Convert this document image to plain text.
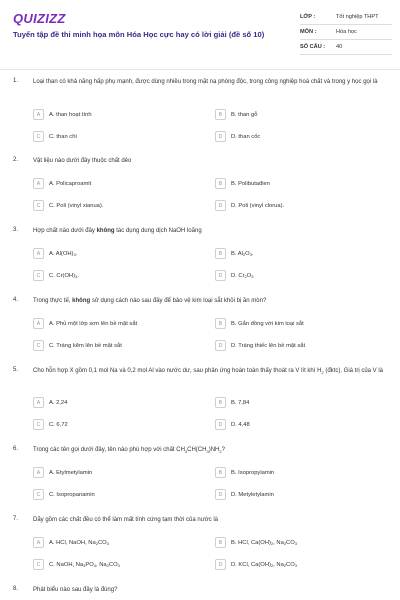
QUIZIZZ
Tuyển tập đề thi minh họa môn Hóa Học cực hay có lời giải (đề số 10)
LỚP :	Tốt nghiệp THPT
MÔN :	Hóa học
SỐ CÂU :	40
1. Loại than có khả năng hấp phụ mạnh, được dùng nhiều trong mặt nạ phòng độc, trong công nghiệp hoá chất và trong y học gọi là
A	A. than hoạt tính	B	B. than gỗ
C	C. than chì	D	D. than cốc
2. Vật liệu nào dưới đây thuộc chất dẻo
A	A. Policaproamit	B	B. Polibutađien
C	C. Poli (vinyl xianua).	D	D. Poli (vinyl clorua).
3. Hợp chất nào dưới đây không tác dụng dung dịch NaOH loãng
A	A. $Al(OH)_3$.	B	B. $Al_2O_3$.
C	C. $Cr(OH)_3$.	D	D. $Cr_2O_3$
4. Trong thực tế, không sử dụng cách nào sau đây để bảo vệ kim loại sắt khỏi bị ăn mòn?
A	A. Phủ một lớp sơn lên bề mặt sắt	B	B. Gắn đồng với kim loại sắt
C	C. Tráng kẽm lên bề mặt sắt	D	D. Tráng thiếc lên bề mặt sắt
5. Cho hỗn hợp X gồm 0,1 mol Na và 0,2 mol Al vào nước dư, sau phản ứng hoàn toàn thấy thoát ra V lít khí $H_2$ (đktc). Giá trị của V là
A	A. 2,24	B	B. 7,84
C	C. 6,72	D	D. 4,48
6. Trong các tên gọi dưới đây, tên nào phù hợp với chất $CH_3CH(CH_3)NH_2$?
A	A. Etylmetylamin	B	B. Isopropylamin
C	C. Isopropanamin	D	D. Metyletylamin
7. Dãy gồm các chất đều có thể làm mất tính cứng tạm thời của nước là
A	A. HCl, NaOH, $Na_2CO_3$	B	B. HCl, $Ca(OH)_2$, $Na_2CO_3$
C	C. NaOH, $Na_3PO_4$, $Na_2CO_3$	D	D. KCl, $Ca(OH)_2$, $Na_2CO_3$
8. Phát biểu nào sau đây là đúng?
